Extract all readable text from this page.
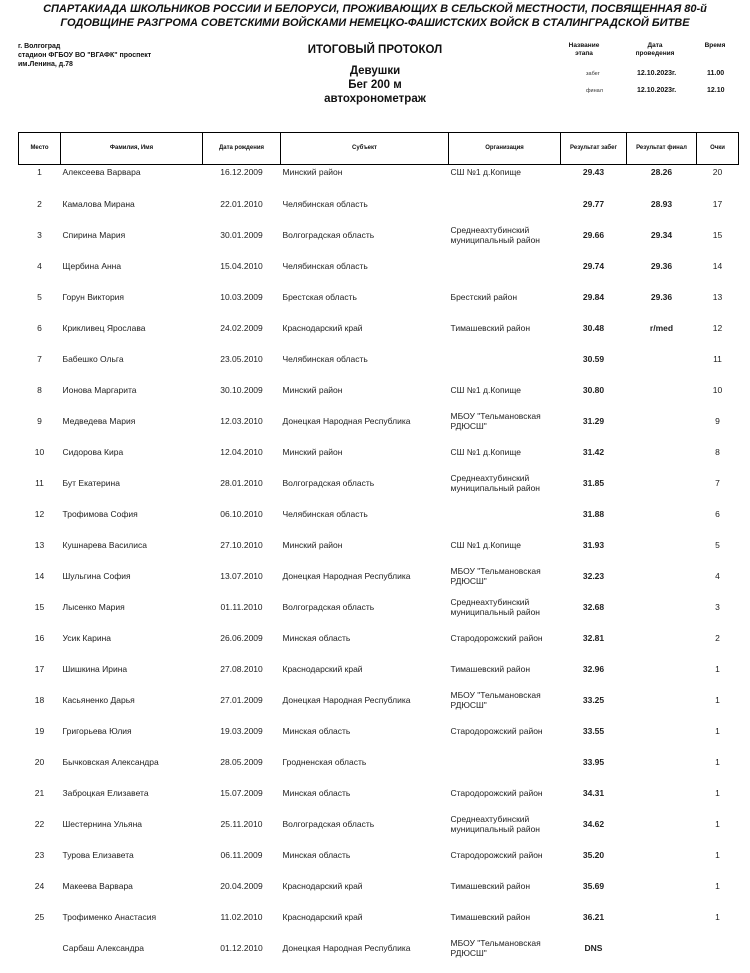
СПАРТАКИАДА ШКОЛЬНИКОВ РОССИИ И БЕЛОРУСИ, ПРОЖИВАЮЩИХ В СЕЛЬСКОЙ МЕСТНОСТИ, ПОСВЯЩЕННАЯ 80-й
ГОДОВЩИНЕ РАЗГРОМА СОВЕТСКИМИ ВОЙСКАМИ НЕМЕЦКО-ФАШИСТСКИХ ВОЙСК В СТАЛИНГРАДСКОЙ БИТВЕ
г. Волгоград
стадион ФГБОУ ВО "ВГАФК" проспект
им.Ленина, д.78
ИТОГОВЫЙ ПРОТОКОЛ
Девушки
Бег 200 м
автохронометраж
Название этапа
Дата проведения
Время
забег	12.10.2023г.	11.00
финал	12.10.2023г.	12.10
Место	Фамилия, Имя	Дата рождения	Субъект	Организация	Результат забег	Результат финал	Очки
1	Алексеева Варвара	16.12.2009	Минский район	СШ №1 д.Копище	29.43	28.26	20
2	Камалова Мирана	22.01.2010	Челябинская область		29.77	28.93	17
3	Спирина Мария	30.01.2009	Волгоградская область	Среднеахтубинский муниципальный район	29.66	29.34	15
4	Щербина Анна	15.04.2010	Челябинская область		29.74	29.36	14
5	Горун Виктория	10.03.2009	Брестская область	Брестский район	29.84	29.36	13
6	Крикливец Ярослава	24.02.2009	Краснодарский край	Тимашевский район	30.48	r/med	12
7	Бабешко Ольга	23.05.2010	Челябинская область		30.59		11
8	Ионова Маргарита	30.10.2009	Минский район	СШ №1 д.Копище	30.80		10
9	Медведева Мария	12.03.2010	Донецкая Народная Республика	МБОУ "Тельмановская РДЮСШ"	31.29		9
10	Сидорова Кира	12.04.2010	Минский район	СШ №1 д.Копище	31.42		8
11	Бут Екатерина	28.01.2010	Волгоградская область	Среднеахтубинский муниципальный район	31.85		7
12	Трофимова София	06.10.2010	Челябинская область		31.88		6
13	Кушнарева Василиса	27.10.2010	Минский район	СШ №1 д.Копище	31.93		5
14	Шульгина София	13.07.2010	Донецкая Народная Республика	МБОУ "Тельмановская РДЮСШ"	32.23		4
15	Лысенко Мария	01.11.2010	Волгоградская область	Среднеахтубинский муниципальный район	32.68		3
16	Усик Карина	26.06.2009	Минская область	Стародорожский район	32.81		2
17	Шишкина Ирина	27.08.2010	Краснодарский край	Тимашевский район	32.96		1
18	Касьяненко Дарья	27.01.2009	Донецкая Народная Республика	МБОУ "Тельмановская РДЮСШ"	33.25		1
19	Григорьева Юлия	19.03.2009	Минская область	Стародорожский район	33.55		1
20	Бычковская Александра	28.05.2009	Гродненская область		33.95		1
21	Заброцкая Елизавета	15.07.2009	Минская область	Стародорожский район	34.31		1
22	Шестернина Ульяна	25.11.2010	Волгоградская область	Среднеахтубинский муниципальный район	34.62		1
23	Турова Елизавета	06.11.2009	Минская область	Стародорожский район	35.20		1
24	Макеева Варвара	20.04.2009	Краснодарский край	Тимашевский район	35.69		1
25	Трофименко Анастасия	11.02.2010	Краснодарский край	Тимашевский район	36.21		1
	Сарбаш Александра	01.12.2010	Донецкая Народная Республика	МБОУ "Тельмановская РДЮСШ"	DNS		
